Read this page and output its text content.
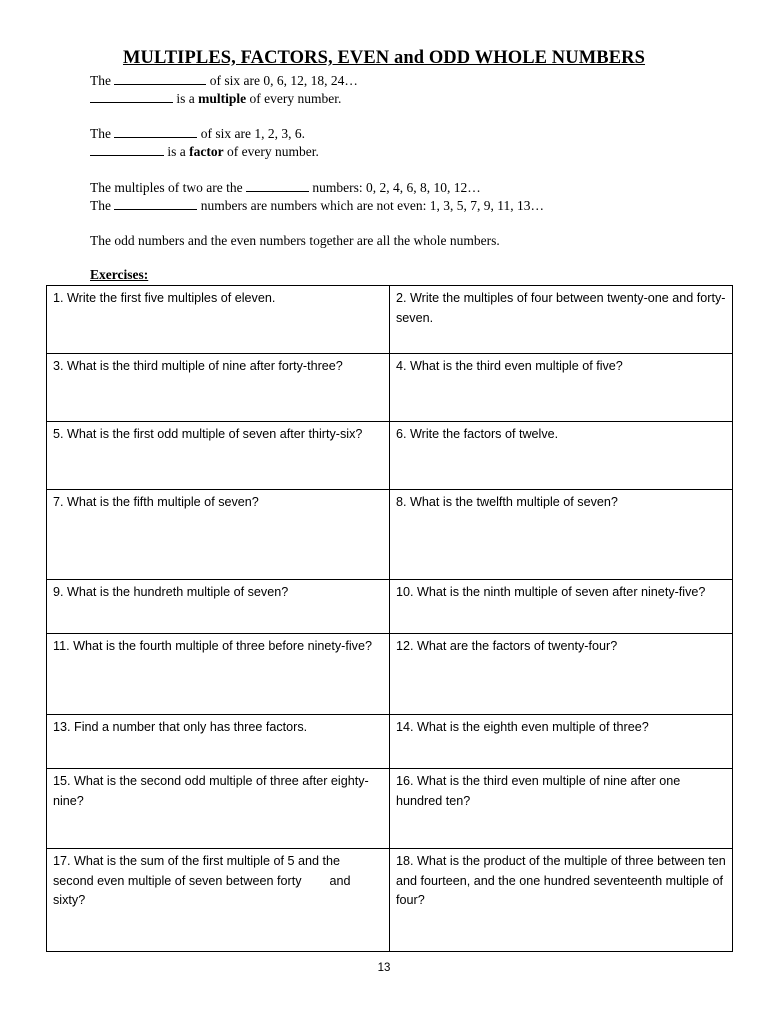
MULTIPLES, FACTORS, EVEN and ODD WHOLE NUMBERS
The	of six are 0, 6, 12, 18, 24…
is a multiple of every number.
The	of six are 1, 2, 3, 6.
is a factor of every number.
The multiples of two are the	numbers: 0, 2, 4, 6, 8, 10, 12…
The	numbers are numbers which are not even: 1, 3, 5, 7, 9, 11, 13…
The odd numbers and the even numbers together are all the whole numbers.
Exercises:
1. Write the first five multiples of eleven.	2. Write the multiples of four between twenty-one and forty-seven.
3. What is the third multiple of nine after forty-three?	4. What is the third even multiple of five?
5. What is the first odd multiple of seven after thirty-six?	6. Write the factors of twelve.
7. What is the fifth multiple of seven?	8. What is the twelfth multiple of seven?
9. What is the hundreth multiple of seven?	10. What is the ninth multiple of seven after ninety-five?
11. What is the fourth multiple of three before ninety-five?	12. What are the factors of twenty-four?
13. Find a number that only has three factors.	14. What is the eighth even multiple of three?
15. What is the second odd multiple of three after eighty-nine?	16. What is the third even multiple of nine after one hundred ten?
17. What is the sum of the first multiple of 5 and the second even multiple of seven between forty        and sixty?	18. What is the product of the multiple of three between ten and fourteen, and the one hundred seventeenth multiple of four?
13
